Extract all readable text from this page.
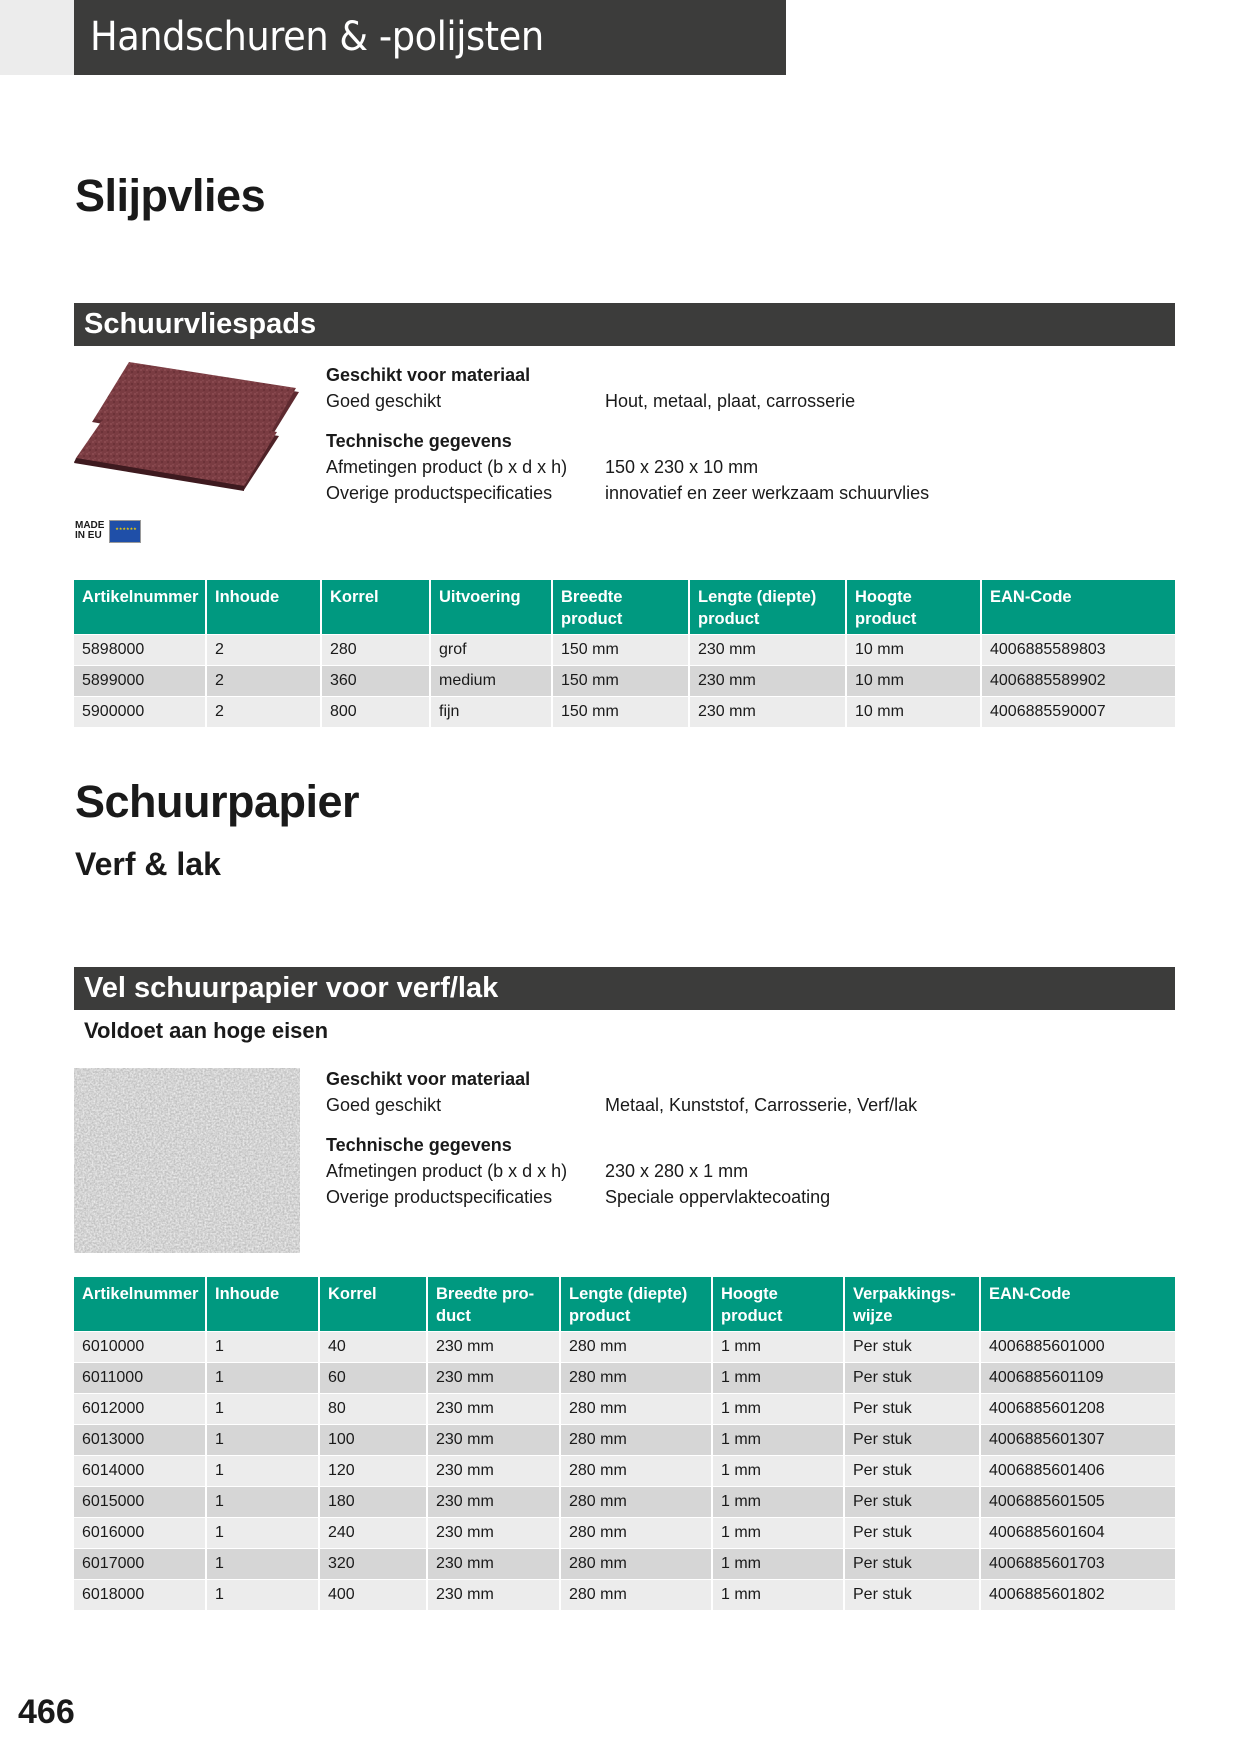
Handschuren & -polijsten
Slijpvlies
Schuurvliespads
MADE IN EU
★★★★★★
Geschikt voor materiaal
Goed geschikt	Hout, metaal, plaat, carrosserie
Technische gegevens
Afmetingen product (b x d x h) 150 x 230 x 10 mm
Overige productspecificaties	innovatief en zeer werkzaam schuurvlies
Artikelnummer	Inhoude	Korrel	Uitvoering	Breedte product	Lengte (diepte) product	Hoogte product	EAN-Code
5898000	2	280	grof	150 mm	230 mm	10 mm	4006885589803
5899000	2	360	medium	150 mm	230 mm	10 mm	4006885589902
5900000	2	800	fijn	150 mm	230 mm	10 mm	4006885590007
Schuurpapier
Verf & lak
Vel schuurpapier voor verf/lak
Voldoet aan hoge eisen
Geschikt voor materiaal
Goed geschikt	Metaal, Kunststof, Carrosserie, Verf/lak
Technische gegevens
Afmetingen product (b x d x h) 230 x 280 x 1 mm
Overige productspecificaties	Speciale oppervlaktecoating
Artikelnummer	Inhoude	Korrel	Breedte pro- duct	Lengte (diepte) product	Hoogte product	Verpakkings- wijze	EAN-Code
6010000	1	40	230 mm	280 mm	1 mm	Per stuk	4006885601000
6011000	1	60	230 mm	280 mm	1 mm	Per stuk	4006885601109
6012000	1	80	230 mm	280 mm	1 mm	Per stuk	4006885601208
6013000	1	100	230 mm	280 mm	1 mm	Per stuk	4006885601307
6014000	1	120	230 mm	280 mm	1 mm	Per stuk	4006885601406
6015000	1	180	230 mm	280 mm	1 mm	Per stuk	4006885601505
6016000	1	240	230 mm	280 mm	1 mm	Per stuk	4006885601604
6017000	1	320	230 mm	280 mm	1 mm	Per stuk	4006885601703
6018000	1	400	230 mm	280 mm	1 mm	Per stuk	4006885601802
466
